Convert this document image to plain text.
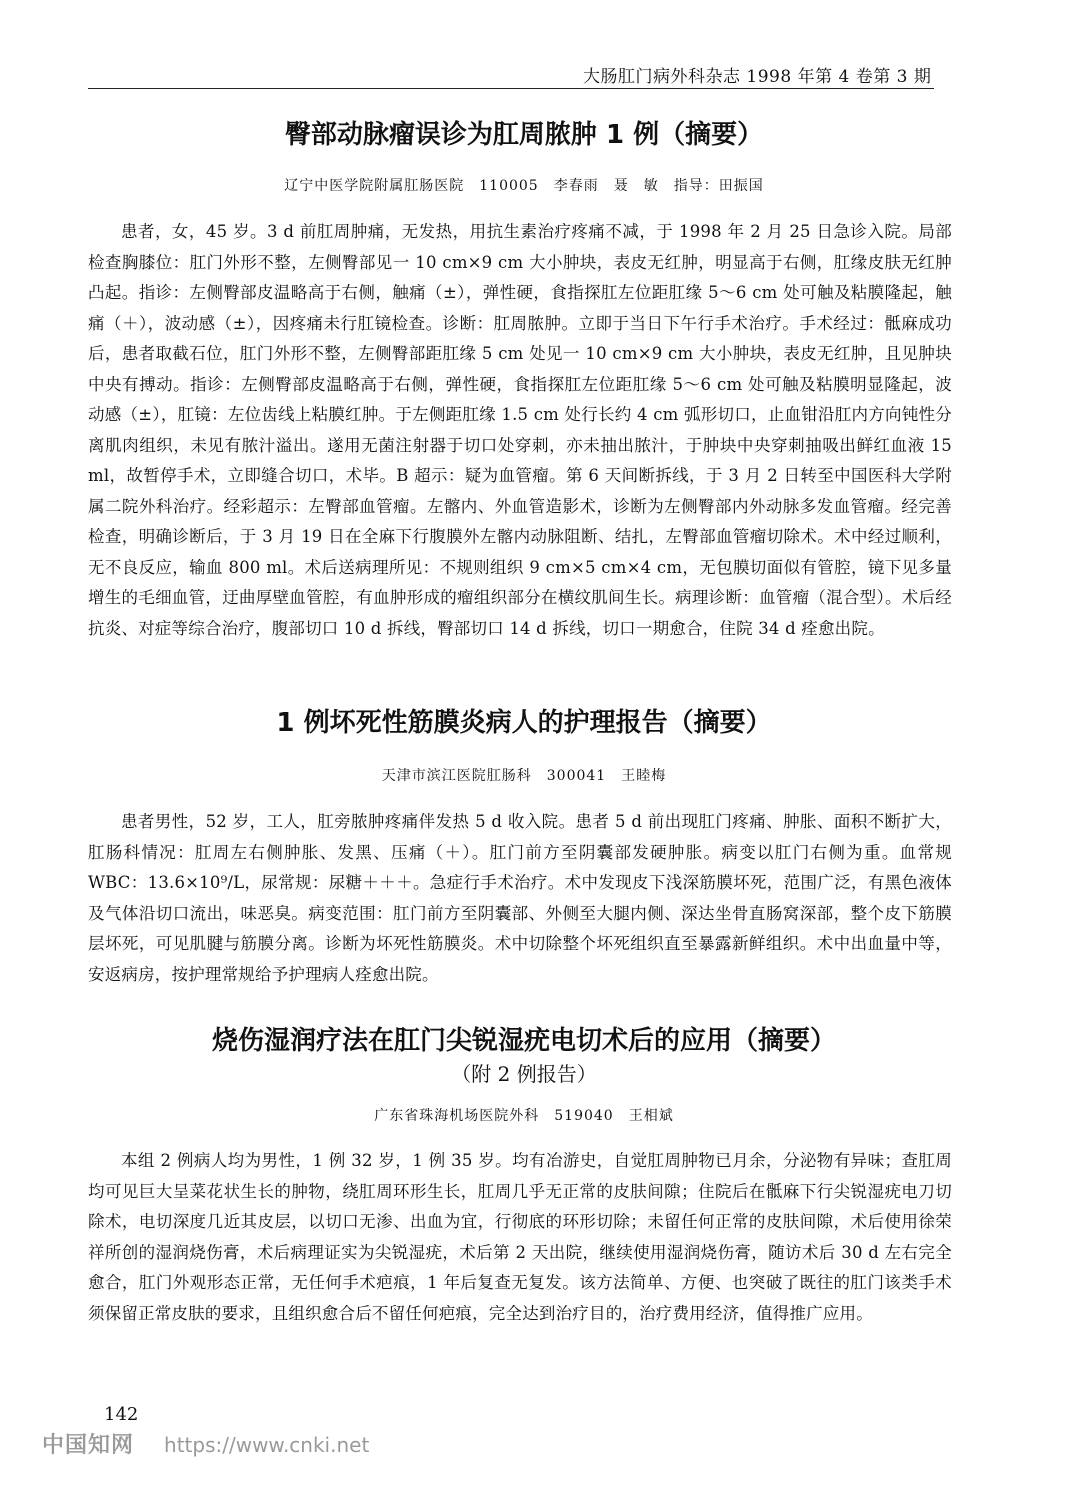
大肠肛门病外科杂志 1998 年第 4 卷第 3 期
臀部动脉瘤误诊为肛周脓肿 1 例（摘要）
辽宁中医学院附属肛肠医院　110005　李春雨　聂　敏　指导：田振国

患者，女，45 岁。3 d 前肛周肿痛，无发热，用抗生素治疗疼痛不减，于 1998 年 2 月 25 日急诊入院。局部检查胸膝位：肛门外形不整，左侧臀部见一 10 cm×9 cm 大小肿块，表皮无红肿，明显高于右侧，肛缘皮肤无红肿凸起。指诊：左侧臀部皮温略高于右侧，触痛（±），弹性硬，食指探肛左位距肛缘 5～6 cm 处可触及粘膜隆起，触痛（＋），波动感（±），因疼痛未行肛镜检查。诊断：肛周脓肿。立即于当日下午行手术治疗。手术经过：骶麻成功后，患者取截石位，肛门外形不整，左侧臀部距肛缘 5 cm 处见一 10 cm×9 cm 大小肿块，表皮无红肿，且见肿块中央有搏动。指诊：左侧臀部皮温略高于右侧，弹性硬，食指探肛左位距肛缘 5～6 cm 处可触及粘膜明显隆起，波动感（±），肛镜：左位齿线上粘膜红肿。于左侧距肛缘 1.5 cm 处行长约 4 cm 弧形切口，止血钳沿肛内方向钝性分离肌肉组织，未见有脓汁溢出。遂用无菌注射器于切口处穿刺，亦未抽出脓汁，于肿块中央穿刺抽吸出鲜红血液 15 ml，故暂停手术，立即缝合切口，术毕。B 超示：疑为血管瘤。第 6 天间断拆线，于 3 月 2 日转至中国医科大学附属二院外科治疗。经彩超示：左臀部血管瘤。左髂内、外血管造影术，诊断为左侧臀部内外动脉多发血管瘤。经完善检查，明确诊断后，于 3 月 19 日在全麻下行腹膜外左髂内动脉阻断、结扎，左臀部血管瘤切除术。术中经过顺利，无不良反应，输血 800 ml。术后送病理所见：不规则组织 9 cm×5 cm×4 cm，无包膜切面似有管腔，镜下见多量增生的毛细血管，迂曲厚壁血管腔，有血肿形成的瘤组织部分在横纹肌间生长。病理诊断：血管瘤（混合型）。术后经抗炎、对症等综合治疗，腹部切口 10 d 拆线，臀部切口 14 d 拆线，切口一期愈合，住院 34 d 痊愈出院。

1 例坏死性筋膜炎病人的护理报告（摘要）
天津市滨江医院肛肠科　300041　王睦梅

患者男性，52 岁，工人，肛旁脓肿疼痛伴发热 5 d 收入院。患者 5 d 前出现肛门疼痛、肿胀、面积不断扩大，肛肠科情况：肛周左右侧肿胀、发黑、压痛（＋）。肛门前方至阴囊部发硬肿胀。病变以肛门右侧为重。血常规 WBC：13.6×10⁹/L，尿常规：尿糖＋＋＋。急症行手术治疗。术中发现皮下浅深筋膜坏死，范围广泛，有黑色液体及气体沿切口流出，味恶臭。病变范围：肛门前方至阴囊部、外侧至大腿内侧、深达坐骨直肠窝深部，整个皮下筋膜层坏死，可见肌腱与筋膜分离。诊断为坏死性筋膜炎。术中切除整个坏死组织直至暴露新鲜组织。术中出血量中等，安返病房，按护理常规给予护理病人痊愈出院。

烧伤湿润疗法在肛门尖锐湿疣电切术后的应用（摘要）
（附 2 例报告）
广东省珠海机场医院外科　519040　王相斌

本组 2 例病人均为男性，1 例 32 岁，1 例 35 岁。均有冶游史，自觉肛周肿物已月余，分泌物有异味；查肛周均可见巨大呈菜花状生长的肿物，绕肛周环形生长，肛周几乎无正常的皮肤间隙；住院后在骶麻下行尖锐湿疣电刀切除术，电切深度几近其皮层，以切口无渗、出血为宜，行彻底的环形切除；未留任何正常的皮肤间隙，术后使用徐荣祥所创的湿润烧伤膏，术后病理证实为尖锐湿疣，术后第 2 天出院，继续使用湿润烧伤膏，随访术后 30 d 左右完全愈合，肛门外观形态正常，无任何手术疤痕，1 年后复查无复发。该方法简单、方便、也突破了既往的肛门该类手术须保留正常皮肤的要求，且组织愈合后不留任何疤痕，完全达到治疗目的，治疗费用经济，值得推广应用。

142
中国知网 https://www.cnki.net
